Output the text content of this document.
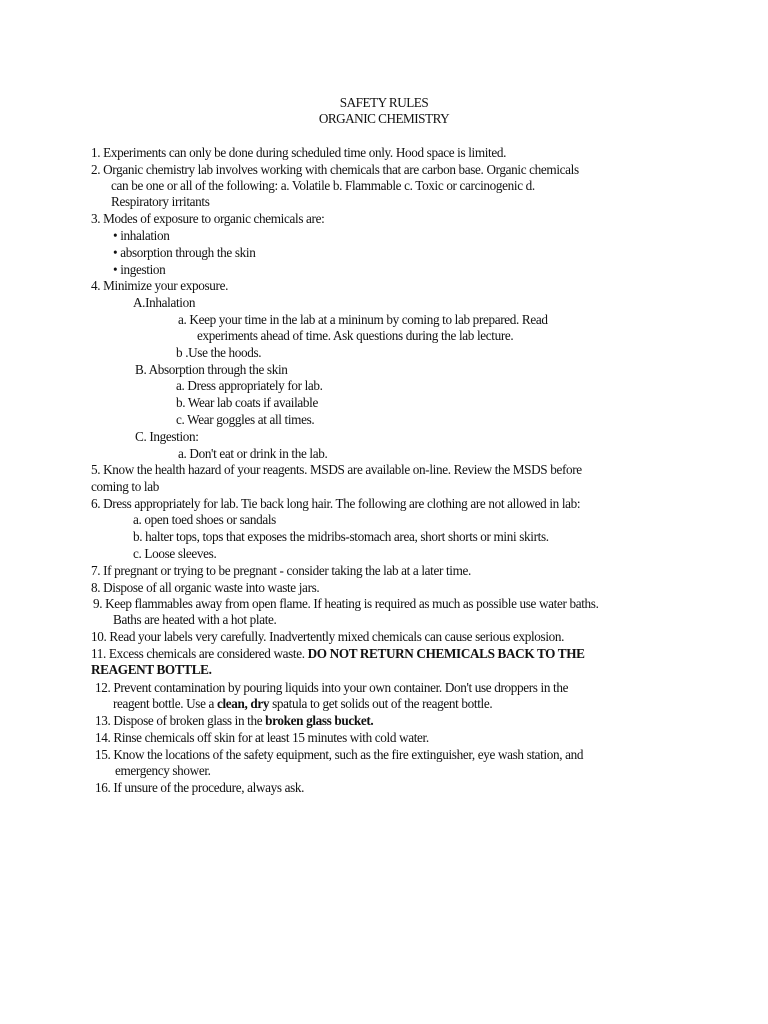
SAFETY RULES
ORGANIC CHEMISTRY
1. Experiments can only be done during scheduled time only. Hood space is limited.
2. Organic chemistry lab involves working with chemicals that are carbon base. Organic chemicals
can be one or all of the following: a. Volatile b. Flammable c. Toxic or carcinogenic d.
Respiratory irritants
3. Modes of exposure to organic chemicals are:
• inhalation
• absorption through the skin
• ingestion
4. Minimize your exposure.
A.Inhalation
a. Keep your time in the lab at a mininum by coming to lab prepared. Read
experiments ahead of time. Ask questions during the lab lecture.
b .Use the hoods.
B. Absorption through the skin
a. Dress appropriately for lab.
b. Wear lab coats if available
c. Wear goggles at all times.
C. Ingestion:
a. Don't eat or drink in the lab.
5. Know the health hazard of your reagents. MSDS are available on-line. Review the MSDS before
coming to lab
6. Dress appropriately for lab. Tie back long hair. The following are clothing are not allowed in lab:
a. open toed shoes or sandals
b. halter tops, tops that exposes the midribs-stomach area, short shorts or mini skirts.
c. Loose sleeves.
7. If pregnant or trying to be pregnant - consider taking the lab at a later time.
8. Dispose of all organic waste into waste jars.
9. Keep flammables away from open flame. If heating is required as much as possible use water baths.
Baths are heated with a hot plate.
10. Read your labels very carefully. Inadvertently mixed chemicals can cause serious explosion.
11. Excess chemicals are considered waste. DO NOT RETURN CHEMICALS BACK TO THE
REAGENT BOTTLE.
12. Prevent contamination by pouring liquids into your own container. Don't use droppers in the
reagent bottle. Use a clean, dry spatula to get solids out of the reagent bottle.
13. Dispose of broken glass in the broken glass bucket.
14. Rinse chemicals off skin for at least 15 minutes with cold water.
15. Know the locations of the safety equipment, such as the fire extinguisher, eye wash station, and
emergency shower.
16. If unsure of the procedure, always ask.
